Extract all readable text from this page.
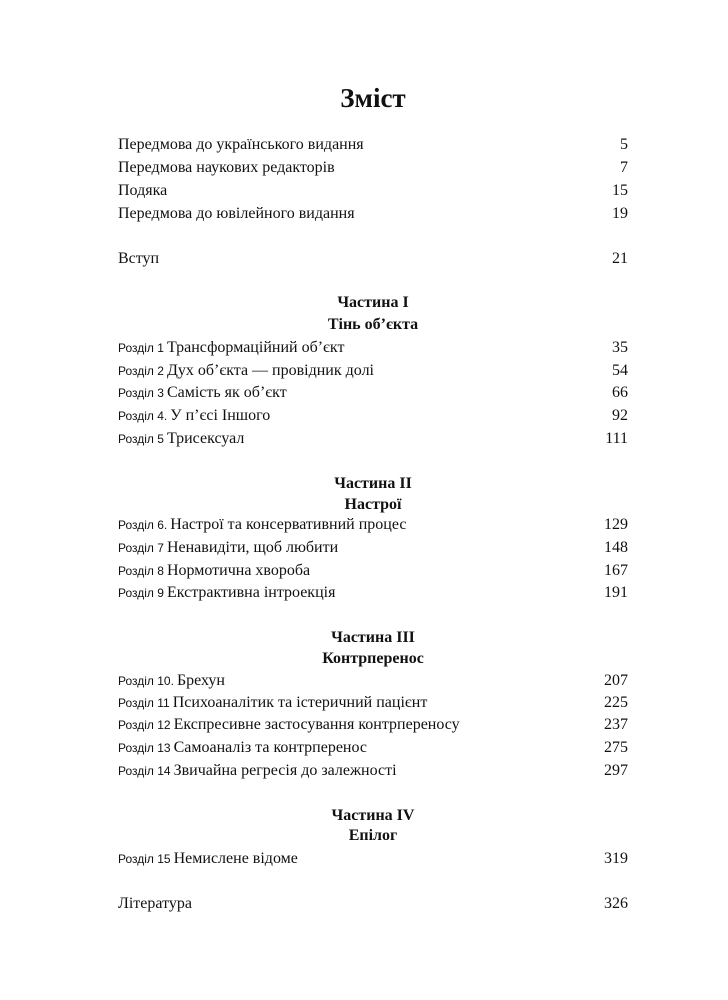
Зміст
Передмова до українського видання	5
Передмова наукових редакторів	7
Подяка	15
Передмова до ювілейного видання	19
Вступ	21
Частина I
Тінь об’єкта
Розділ 1 Трансформаційний об’єкт	35
Розділ 2 Дух об’єкта — провідник долі	54
Розділ 3 Самість як об’єкт	66
Розділ 4. У п’єсі Іншого	92
Розділ 5 Трисексуал	111
Частина II
Настрої
Розділ 6. Настрої та консервативний процес	129
Розділ 7 Ненавидіти, щоб любити	148
Розділ 8 Нормотична хвороба	167
Розділ 9 Екстрактивна інтроекція	191
Частина III
Контрперенос
Розділ 10. Брехун	207
Розділ 11 Психоаналітик та істеричний пацієнт	225
Розділ 12 Експресивне застосування контрпереносу	237
Розділ 13 Самоаналіз та контрперенос	275
Розділ 14 Звичайна регресія до залежності	297
Частина IV
Епілог
Розділ 15 Немислене відоме	319
Література	326
